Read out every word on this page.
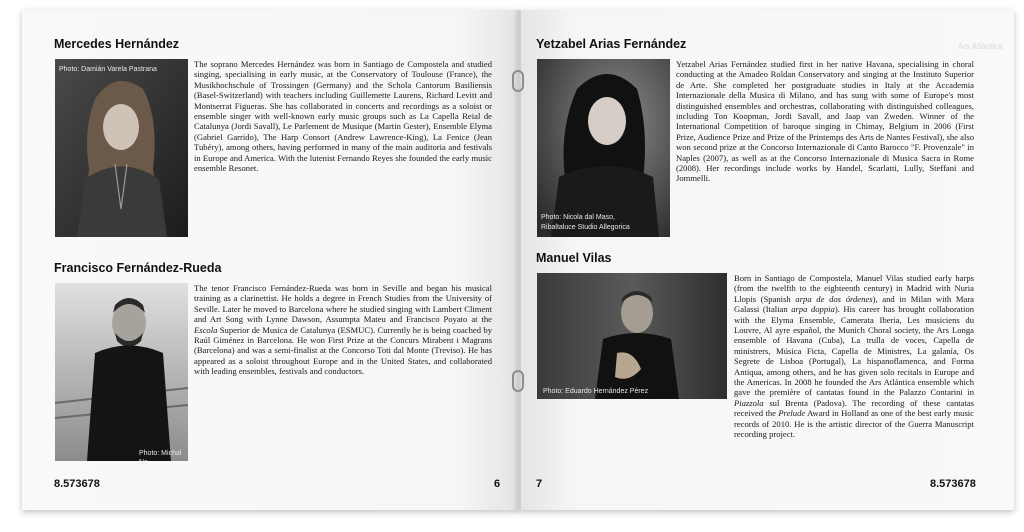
Mercedes Hernández
Photo: Damián Varela Pastrana
The soprano Mercedes Hernández was born in Santiago de Compostela and studied singing, specialising in early music, at the Conservatory of Toulouse (France), the Musikhochschule of Trossingen (Germany) and the Schola Cantorum Basiliensis (Basel-Switzerland) with teachers including Guillemette Laurens, Richard Levitt and Montserrat Figueras. She has collaborated in concerts and recordings as a soloist or ensemble singer with well-known early music groups such as La Capella Reial de Catalunya (Jordi Savall), Le Parlement de Musique (Martin Gester), Ensemble Elyma (Gabriel Garrido), The Harp Consort (Andrew Lawrence-King), La Fenice (Jean Tubéry), among others, having performed in many of the main auditoria and festivals in Europe and America. With the lutenist Fernando Reyes she founded the early music ensemble Resonet.
Francisco Fernández-Rueda
Photo: Michal No
The tenor Francisco Fernández-Rueda was born in Seville and began his musical training as a clarinettist. He holds a degree in French Studies from the University of Seville. Later he moved to Barcelona where he studied singing with Lambert Climent and Art Song with Lynne Dawson, Assumpta Mateu and Francisco Poyato at the Escola Superior de Musica de Catalunya (ESMUC). Currently he is being coached by Raúl Giménez in Barcelona. He won First Prize at the Concurs Mirabent i Magrans (Barcelona) and was a semi-finalist at the Concorso Toti dal Monte (Treviso). He has appeared as a soloist throughout Europe and in the United States, and collaborated with leading ensembles, festivals and conductors.
8.573678	6
Yetzabel Arias Fernández	Ars Atlántica
Photo: Nicola dal Maso,
Ribaltaluce Studio Allegorica
Yetzabel Arias Fernández studied first in her native Havana, specialising in choral conducting at the Amadeo Roldan Conservatory and singing at the Instituto Superior de Arte. She completed her postgraduate studies in Italy at the Accademia Internazionale della Musica di Milano, and has sung with some of Europe's most distinguished ensembles and orchestras, collaborating with distinguished colleagues, including Ton Koopman, Jordi Savall, and Jaap van Zweden. Winner of the International Competition of baroque singing in Chimay, Belgium in 2006 (First Prize, Audience Prize and Prize of the Printemps des Arts de Nantes Festival), she also won second prize at the Concorso Internazionale di Canto Barocco "F. Provenzale" in Naples (2007), as well as at the Concorso Internazionale di Musica Sacra in Rome (2008). Her recordings include works by Handel, Scarlatti, Lully, Steffani and Jommelli.
Manuel Vilas
Photo: Eduardo Hernández Pérez
Born in Santiago de Compostela, Manuel Vilas studied early harps (from the twelfth to the eighteenth century) in Madrid with Nuria Llopis (Spanish arpa de dos órdenes), and in Milan with Mara Galassi (Italian arpa doppia). His career has brought collaboration with the Elyma Ensemble, Camerata Iberia, Les musiciens du Louvre, Al ayre español, the Munich Choral society, the Ars Longa ensemble of Havana (Cuba), La trulla de voces, Capella de ministrers, Música Ficta, Capella de Ministres, La galanía, Os Segrete de Lisboa (Portugal), La hispanoflamenca, and Forma Antiqua, among others, and he has given solo recitals in Europe and the Americas. In 2008 he founded the Ars Atlántica ensemble which gave the première of cantatas found in the Palazzo Contarini in Piazzola sul Brenta (Padova). The recording of these cantatas received the Prelude Award in Holland as one of the best early music records of 2010. He is the artistic director of the Guerra Manuscript recording project.
7	8.573678
